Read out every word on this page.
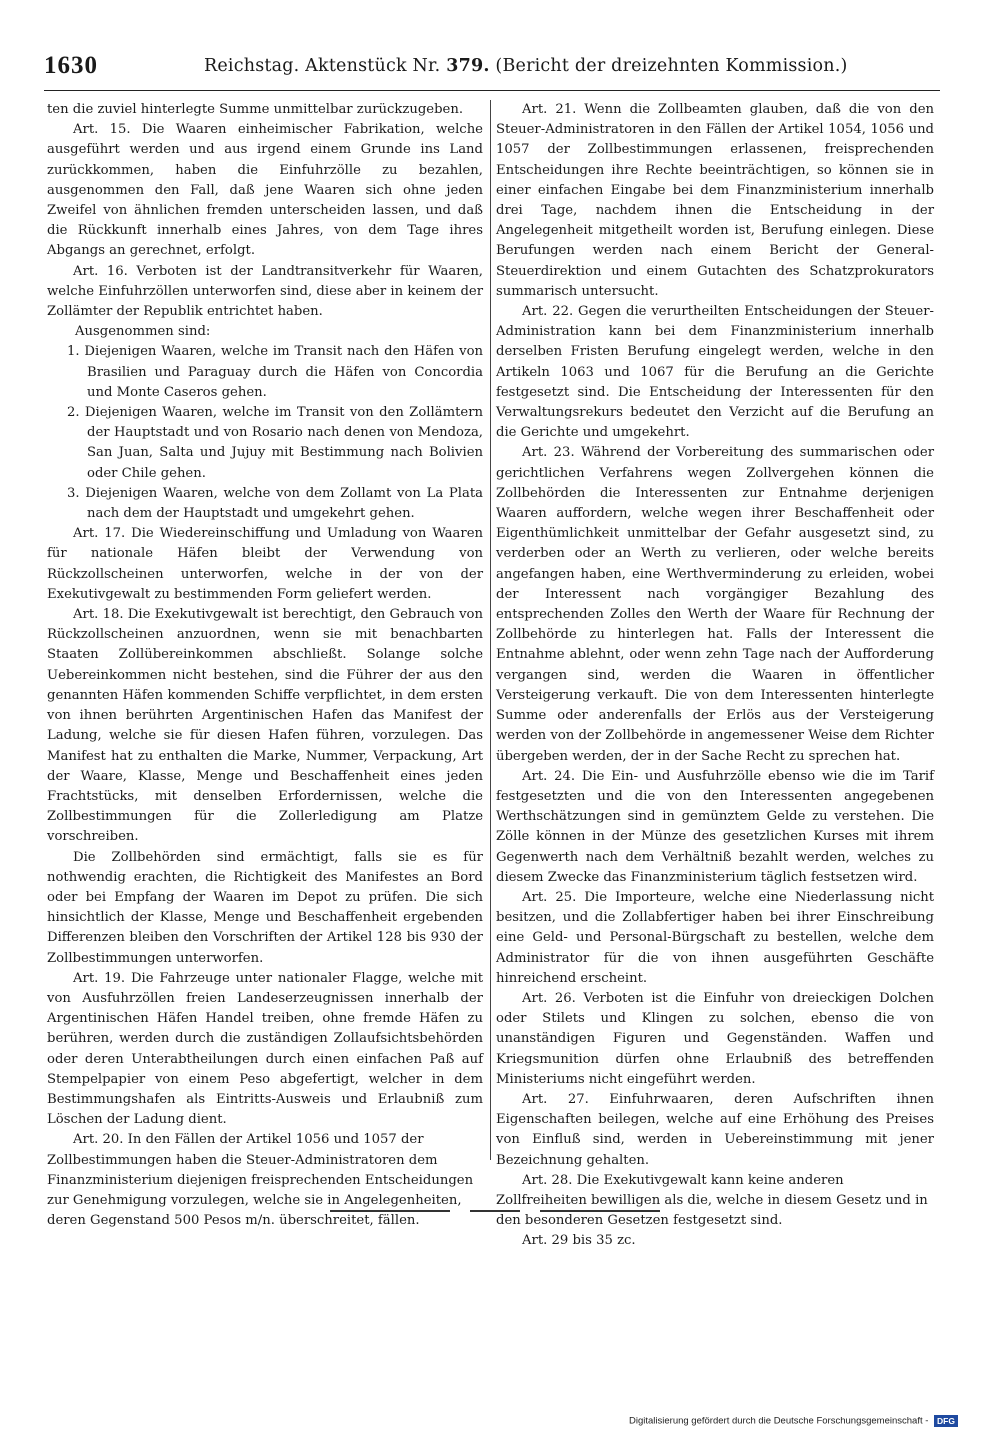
1630	Reichstag. Aktenstück Nr. 379. (Bericht der dreizehnten Kommission.)

ten die zuviel hinterlegte Summe unmittelbar zurückzugeben.

Art. 15. Die Waaren einheimischer Fabrikation, welche ausgeführt werden und aus irgend einem Grunde ins Land zurückkommen, haben die Einfuhrzölle zu bezahlen, ausgenommen den Fall, daß jene Waaren sich ohne jeden Zweifel von ähnlichen fremden unterscheiden lassen, und daß die Rückkunft innerhalb eines Jahres, von dem Tage ihres Abgangs an gerechnet, erfolgt.

Art. 16. Verboten ist der Landtransitverkehr für Waaren, welche Einfuhrzöllen unterworfen sind, diese aber in keinem der Zollämter der Republik entrichtet haben.

Ausgenommen sind:

1. Diejenigen Waaren, welche im Transit nach den Häfen von Brasilien und Paraguay durch die Häfen von Concordia und Monte Caseros gehen.

2. Diejenigen Waaren, welche im Transit von den Zollämtern der Hauptstadt und von Rosario nach denen von Mendoza, San Juan, Salta und Jujuy mit Bestimmung nach Bolivien oder Chile gehen.

3. Diejenigen Waaren, welche von dem Zollamt von La Plata nach dem der Hauptstadt und umgekehrt gehen.

Art. 17. Die Wiedereinschiffung und Umladung von Waaren für nationale Häfen bleibt der Verwendung von Rückzollscheinen unterworfen, welche in der von der Exekutivgewalt zu bestimmenden Form geliefert werden.

Art. 18. Die Exekutivgewalt ist berechtigt, den Gebrauch von Rückzollscheinen anzuordnen, wenn sie mit benachbarten Staaten Zollübereinkommen abschließt. Solange solche Uebereinkommen nicht bestehen, sind die Führer der aus den genannten Häfen kommenden Schiffe verpflichtet, in dem ersten von ihnen berührten Argentinischen Hafen das Manifest der Ladung, welche sie für diesen Hafen führen, vorzulegen. Das Manifest hat zu enthalten die Marke, Nummer, Verpackung, Art der Waare, Klasse, Menge und Beschaffenheit eines jeden Frachtstücks, mit denselben Erfordernissen, welche die Zollbestimmungen für die Zollerledigung am Platze vorschreiben.

Die Zollbehörden sind ermächtigt, falls sie es für nothwendig erachten, die Richtigkeit des Manifestes an Bord oder bei Empfang der Waaren im Depot zu prüfen. Die sich hinsichtlich der Klasse, Menge und Beschaffenheit ergebenden Differenzen bleiben den Vorschriften der Artikel 128 bis 930 der Zollbestimmungen unterworfen.

Art. 19. Die Fahrzeuge unter nationaler Flagge, welche mit von Ausfuhrzöllen freien Landeserzeugnissen innerhalb der Argentinischen Häfen Handel treiben, ohne fremde Häfen zu berühren, werden durch die zuständigen Zollaufsichtsbehörden oder deren Unterabtheilungen durch einen einfachen Paß auf Stempelpapier von einem Peso abgefertigt, welcher in dem Bestimmungshafen als Eintritts-Ausweis und Erlaubniß zum Löschen der Ladung dient.

Art. 20. In den Fällen der Artikel 1056 und 1057 der Zollbestimmungen haben die Steuer-Administratoren dem Finanzministerium diejenigen freisprechenden Entscheidungen zur Genehmigung vorzulegen, welche sie in Angelegenheiten, deren Gegenstand 500 Pesos m/n. überschreitet, fällen.

Art. 21. Wenn die Zollbeamten glauben, daß die von den Steuer-Administratoren in den Fällen der Artikel 1054, 1056 und 1057 der Zollbestimmungen erlassenen, freisprechenden Entscheidungen ihre Rechte beeinträchtigen, so können sie in einer einfachen Eingabe bei dem Finanzministerium innerhalb drei Tage, nachdem ihnen die Entscheidung in der Angelegenheit mitgetheilt worden ist, Berufung einlegen. Diese Berufungen werden nach einem Bericht der General-Steuerdirektion und einem Gutachten des Schatzprokurators summarisch untersucht.

Art. 22. Gegen die verurtheilten Entscheidungen der Steuer-Administration kann bei dem Finanzministerium innerhalb derselben Fristen Berufung eingelegt werden, welche in den Artikeln 1063 und 1067 für die Berufung an die Gerichte festgesetzt sind. Die Entscheidung der Interessenten für den Verwaltungsrekurs bedeutet den Verzicht auf die Berufung an die Gerichte und umgekehrt.

Art. 23. Während der Vorbereitung des summarischen oder gerichtlichen Verfahrens wegen Zollvergehen können die Zollbehörden die Interessenten zur Entnahme derjenigen Waaren auffordern, welche wegen ihrer Beschaffenheit oder Eigenthümlichkeit unmittelbar der Gefahr ausgesetzt sind, zu verderben oder an Werth zu verlieren, oder welche bereits angefangen haben, eine Werthverminderung zu erleiden, wobei der Interessent nach vorgängiger Bezahlung des entsprechenden Zolles den Werth der Waare für Rechnung der Zollbehörde zu hinterlegen hat. Falls der Interessent die Entnahme ablehnt, oder wenn zehn Tage nach der Aufforderung vergangen sind, werden die Waaren in öffentlicher Versteigerung verkauft. Die von dem Interessenten hinterlegte Summe oder anderenfalls der Erlös aus der Versteigerung werden von der Zollbehörde in angemessener Weise dem Richter übergeben werden, der in der Sache Recht zu sprechen hat.

Art. 24. Die Ein- und Ausfuhrzölle ebenso wie die im Tarif festgesetzten und die von den Interessenten angegebenen Werthschätzungen sind in gemünztem Gelde zu verstehen. Die Zölle können in der Münze des gesetzlichen Kurses mit ihrem Gegenwerth nach dem Verhältniß bezahlt werden, welches zu diesem Zwecke das Finanzministerium täglich festsetzen wird.

Art. 25. Die Importeure, welche eine Niederlassung nicht besitzen, und die Zollabfertiger haben bei ihrer Einschreibung eine Geld- und Personal-Bürgschaft zu bestellen, welche dem Administrator für die von ihnen ausgeführten Geschäfte hinreichend erscheint.

Art. 26. Verboten ist die Einfuhr von dreieckigen Dolchen oder Stilets und Klingen zu solchen, ebenso die von unanständigen Figuren und Gegenständen. Waffen und Kriegsmunition dürfen ohne Erlaubniß des betreffenden Ministeriums nicht eingeführt werden.

Art. 27. Einfuhrwaaren, deren Aufschriften ihnen Eigenschaften beilegen, welche auf eine Erhöhung des Preises von Einfluß sind, werden in Uebereinstimmung mit jener Bezeichnung gehalten.

Art. 28. Die Exekutivgewalt kann keine anderen Zollfreiheiten bewilligen als die, welche in diesem Gesetz und in den besonderen Gesetzen festgesetzt sind.

Art. 29 bis 35 zc.

Digitalisierung gefördert durch die Deutsche Forschungsgemeinschaft - DFG
